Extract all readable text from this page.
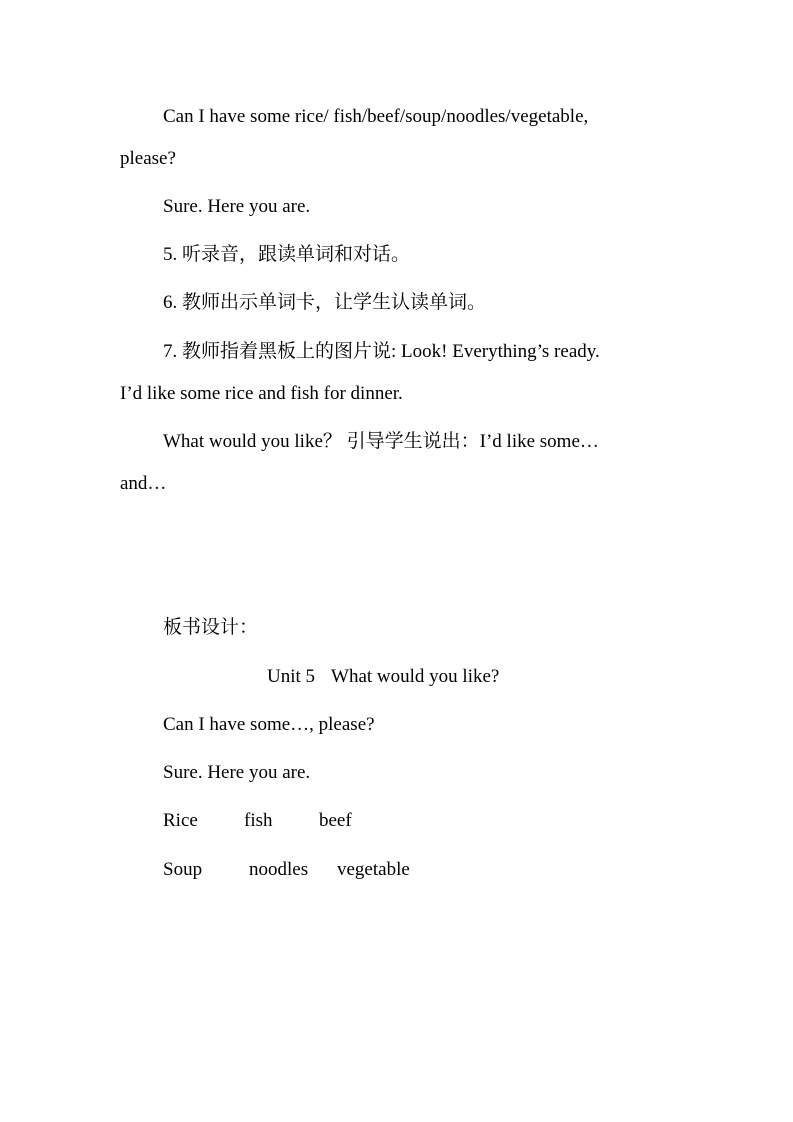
Can I have some rice/ fish/beef/soup/noodles/vegetable,
please?
Sure. Here you are.
5. 听录音，跟读单词和对话。
6. 教师出示单词卡，让学生认读单词。
7. 教师指着黑板上的图片说: Look! Everything’s ready.
I’d like some rice and fish for dinner.
What would you like？ 引导学生说出：I’d like some…
and…
板书设计：
Unit 5 What would you like?
Can I have some…, please?
Sure. Here you are.
Rice fish beef
Soup noodles vegetable
